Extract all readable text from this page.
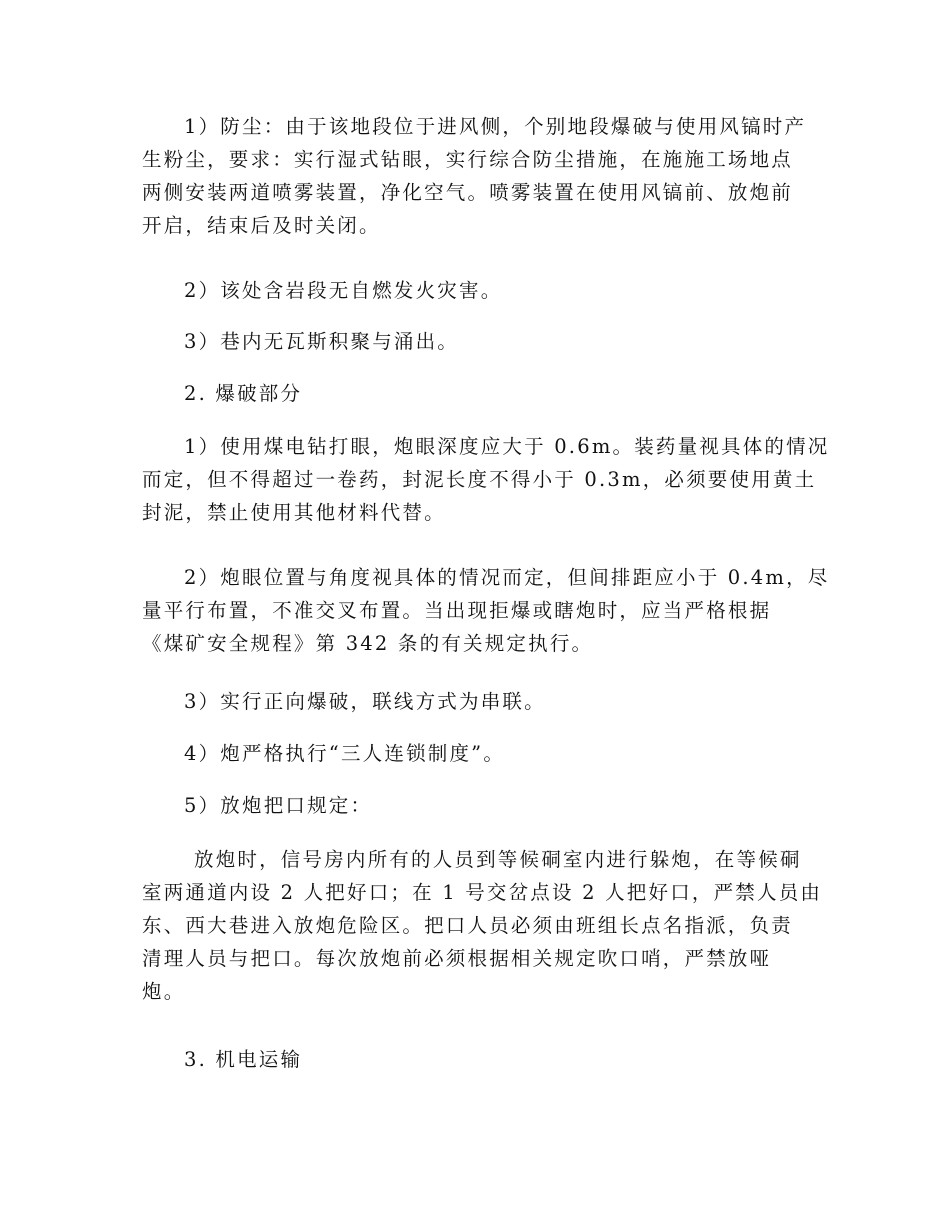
1）防尘：由于该地段位于进风侧，个别地段爆破与使用风镐时产
生粉尘，要求：实行湿式钻眼，实行综合防尘措施，在施施工场地点
两侧安装两道喷雾装置，净化空气。喷雾装置在使用风镐前、放炮前
开启，结束后及时关闭。
2）该处含岩段无自燃发火灾害。
3）巷内无瓦斯积聚与涌出。
2. 爆破部分
1）使用煤电钻打眼，炮眼深度应大于 0.6m。装药量视具体的情况
而定，但不得超过一卷药，封泥长度不得小于 0.3m，必须要使用黄土
封泥，禁止使用其他材料代替。
2）炮眼位置与角度视具体的情况而定，但间排距应小于 0.4m，尽
量平行布置，不准交叉布置。当出现拒爆或瞎炮时，应当严格根据
《煤矿安全规程》第 342 条的有关规定执行。
3）实行正向爆破，联线方式为串联。
4）炮严格执行“三人连锁制度”。
5）放炮把口规定：
放炮时，信号房内所有的人员到等候硐室内进行躲炮，在等候硐
室两通道内设 2 人把好口；在 1 号交岔点设 2 人把好口，严禁人员由
东、西大巷进入放炮危险区。把口人员必须由班组长点名指派，负责
清理人员与把口。每次放炮前必须根据相关规定吹口哨，严禁放哑
炮。
3. 机电运输
